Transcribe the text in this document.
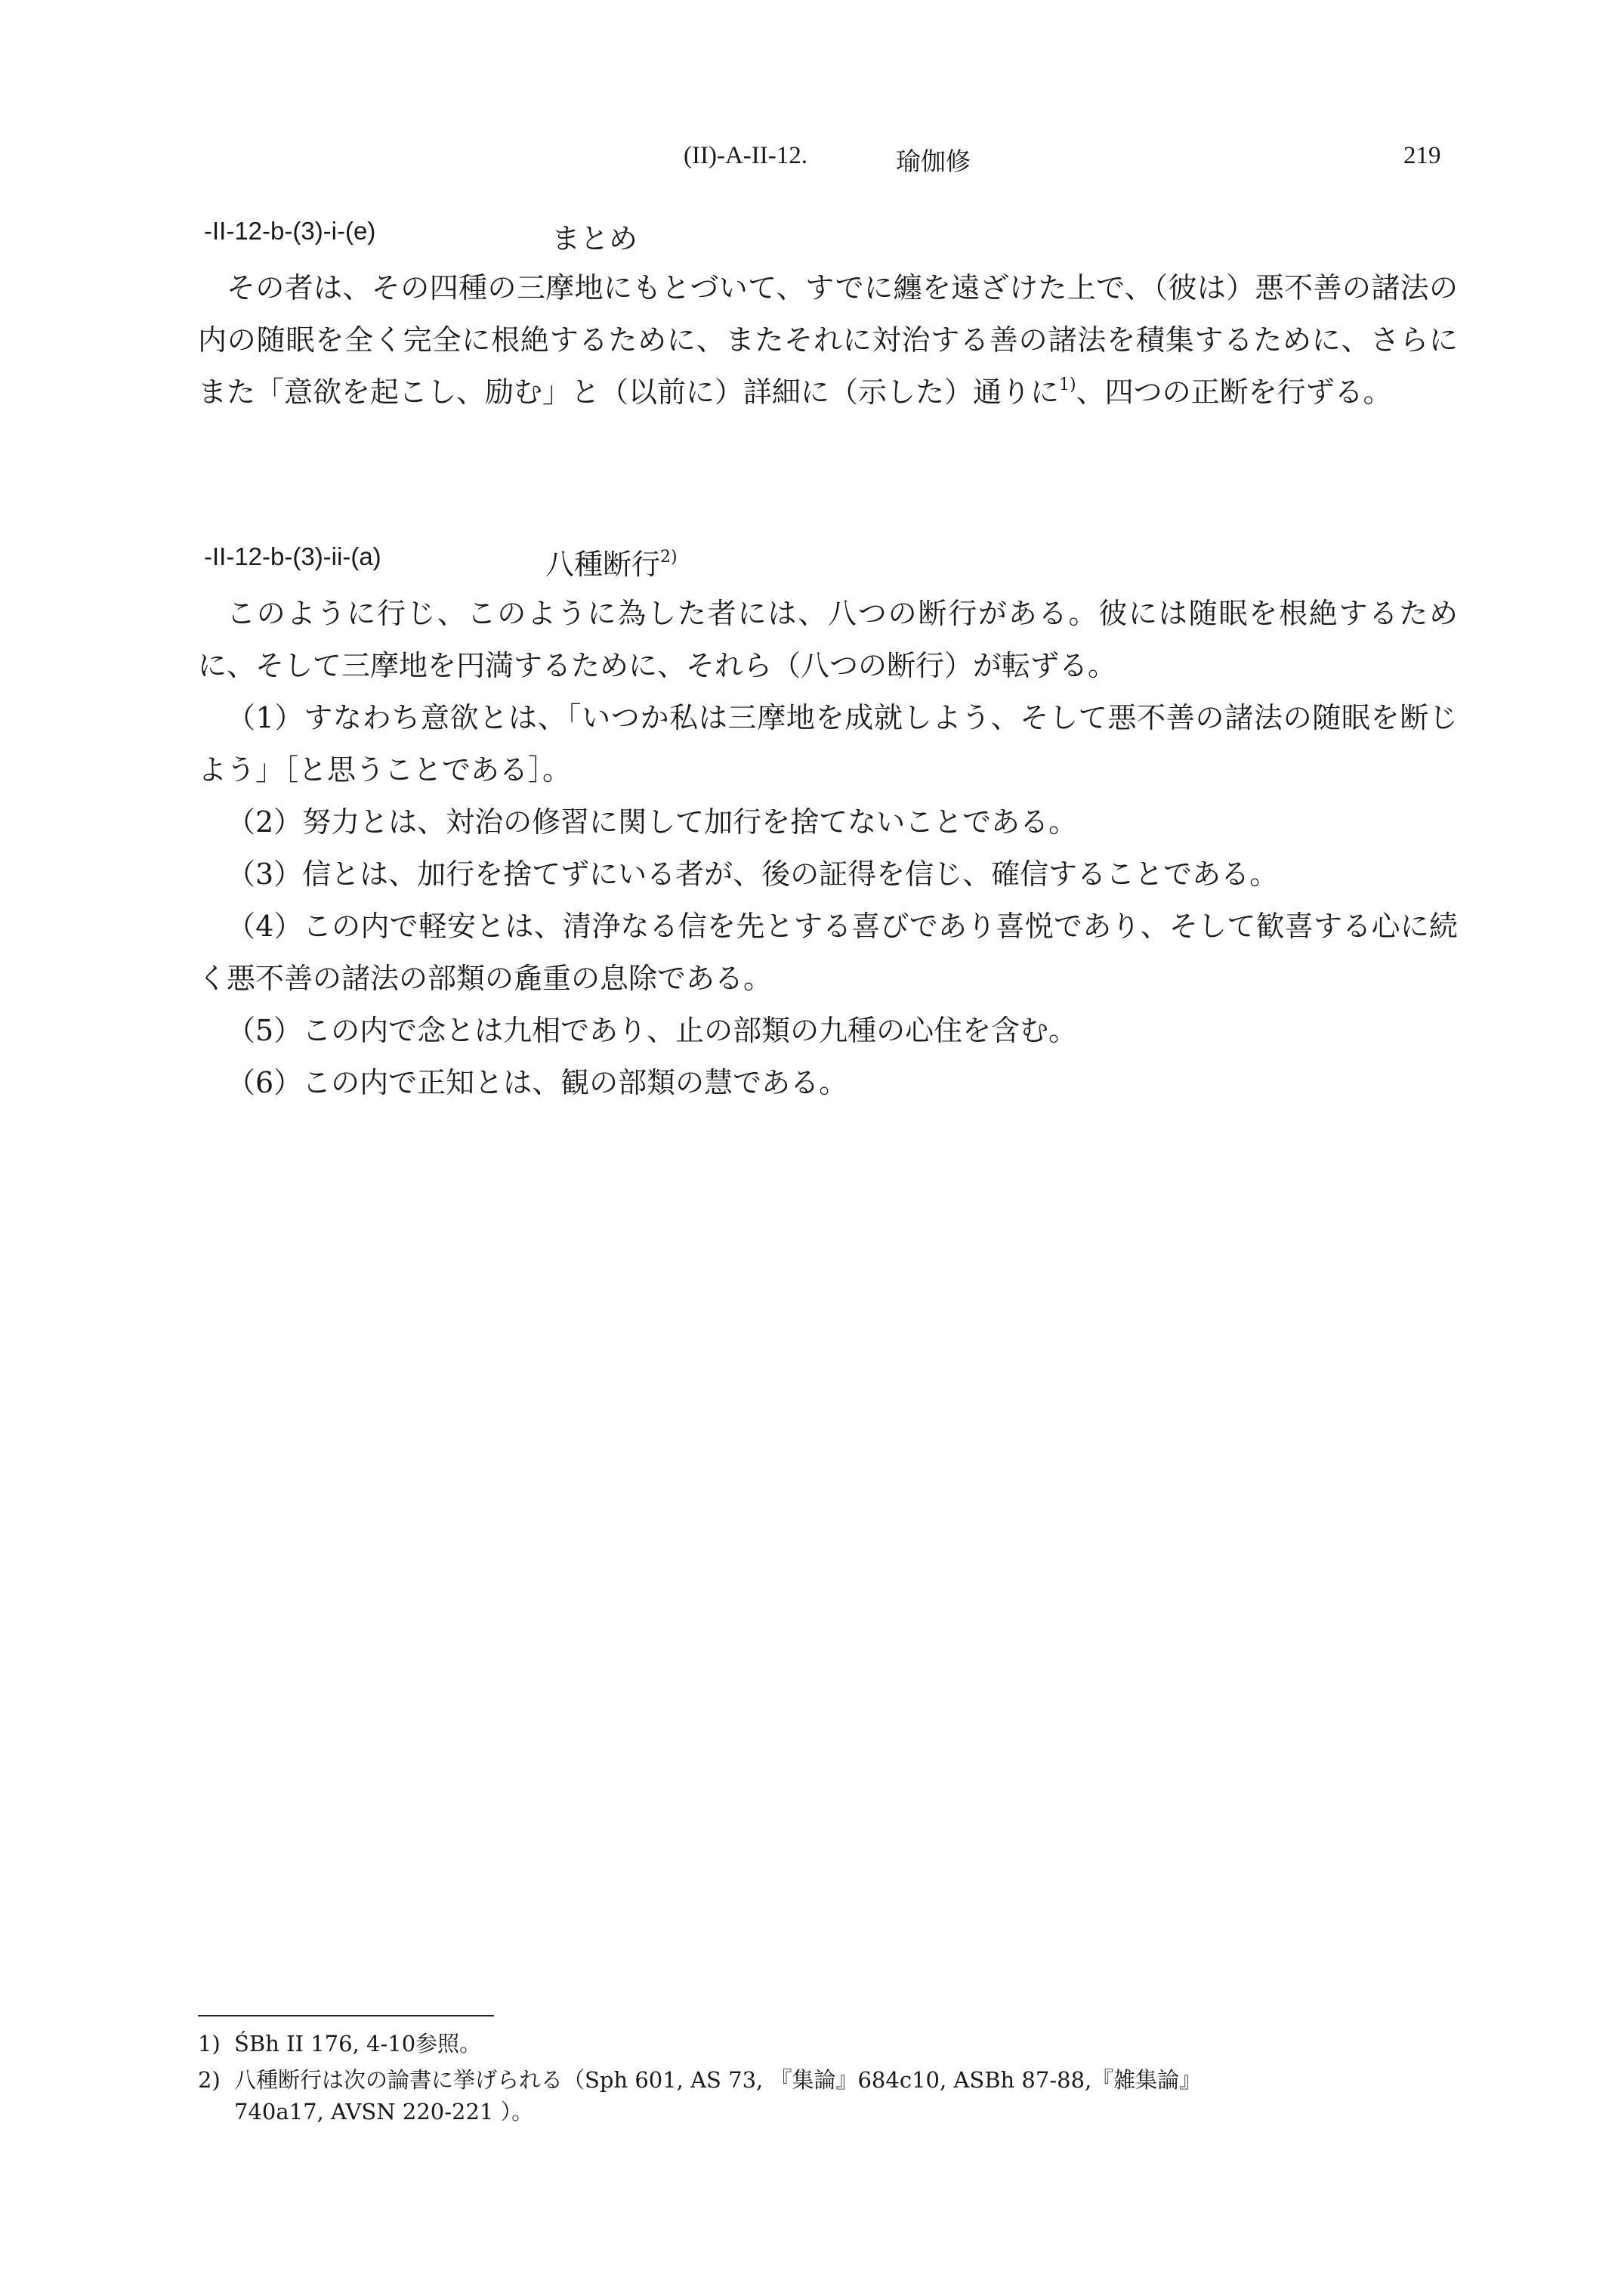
(II)-A-II-12.	瑜伽修	219
-II-12-b-(3)-i-(e)	まとめ

その者は、その四種の三摩地にもとづいて、すでに纏を遠ざけた上で、（彼は）悪不善の諸法の内の随眠を全く完全に根絶するために、またそれに対治する善の諸法を積集するために、さらにまた「意欲を起こし、励む」と（以前に）詳細に（示した）通りに$^{1)}$、四つの正断を行ずる。

-II-12-b-(3)-ii-(a)	八種断行$^{2)}$

このように行じ、このように為した者には、八つの断行がある。彼には随眠を根絶するために、そして三摩地を円満するために、それら（八つの断行）が転ずる。

（1）すなわち意欲とは、「いつか私は三摩地を成就しよう、そして悪不善の諸法の随眠を断じよう」［と思うことである］。

（2）努力とは、対治の修習に関して加行を捨てないことである。

（3）信とは、加行を捨てずにいる者が、後の証得を信じ、確信することである。

（4）この内で軽安とは、清浄なる信を先とする喜びであり喜悦であり、そして歓喜する心に続く悪不善の諸法の部類の麁重の息除である。

（5）この内で念とは九相であり、止の部類の九種の心住を含む。

（6）この内で正知とは、観の部類の慧である。

1) ŚBh II 176, 4-10参照。

2) 八種断行は次の論書に挙げられる（Sph 601, AS 73, 『集論』684c10, ASBh 87-88,『雑集論』
740a17, AVSN 220-221 ）。
